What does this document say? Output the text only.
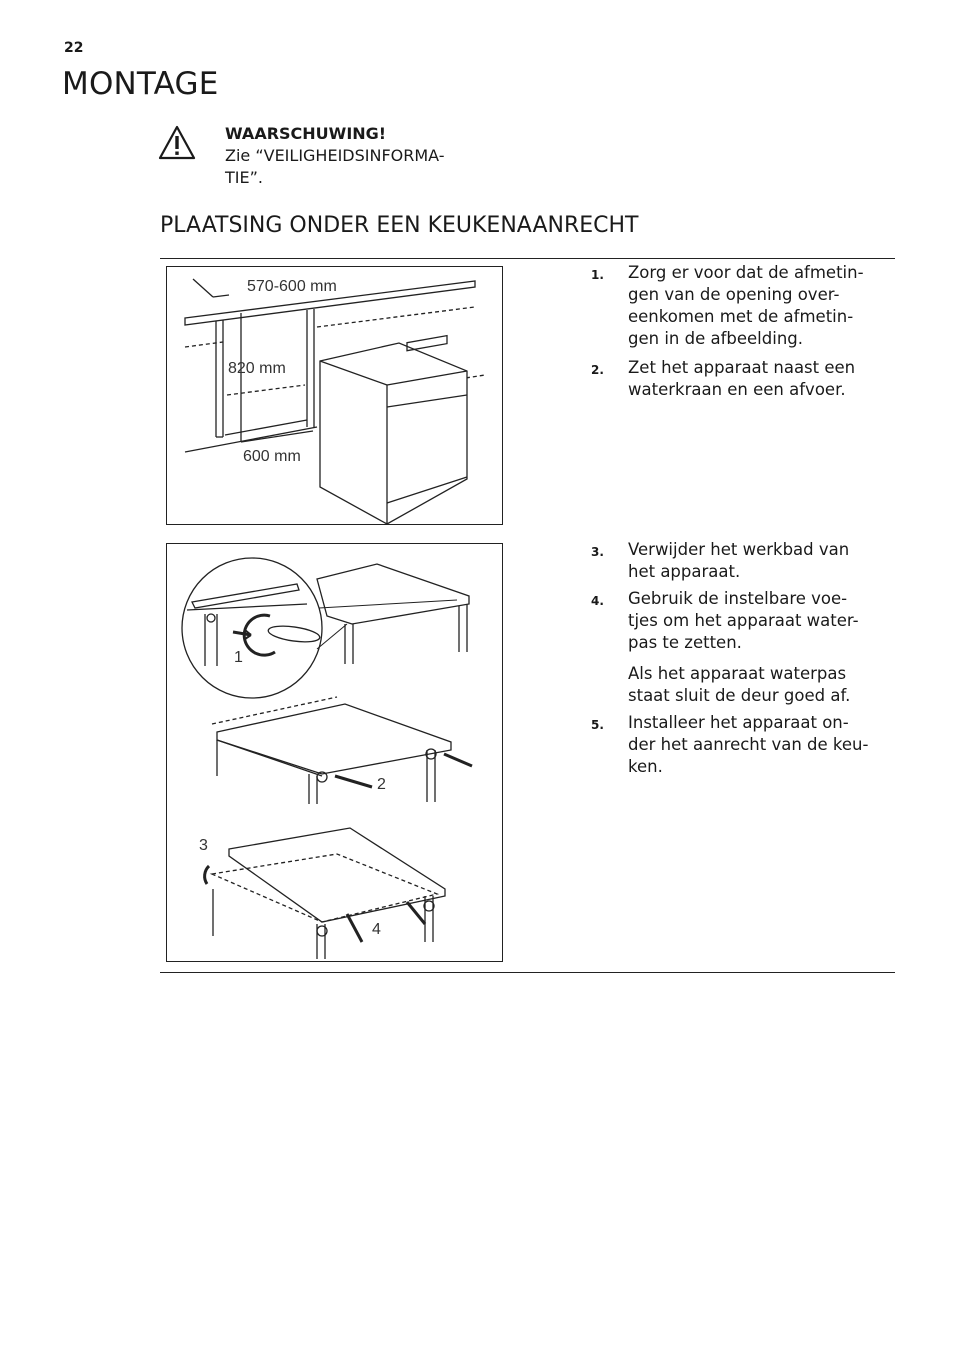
22
MONTAGE
WAARSCHUWING!
Zie “VEILIGHEIDSINFORMA-
TIE”.
PLAATSING ONDER EEN KEUKENAANRECHT
570-600 mm
820 mm
600 mm
1
2
3
4
1. Zorg er voor dat de afmetin-
gen van de opening over-
eenkomen met de afmetin-
gen in de afbeelding.
2. Zet het apparaat naast een
waterkraan en een afvoer.
3. Verwijder het werkbad van
het apparaat.
4. Gebruik de instelbare voe-
tjes om het apparaat water-
pas te zetten.
Als het apparaat waterpas
staat sluit de deur goed af.
5. Installeer het apparaat on-
der het aanrecht van de keu-
ken.
